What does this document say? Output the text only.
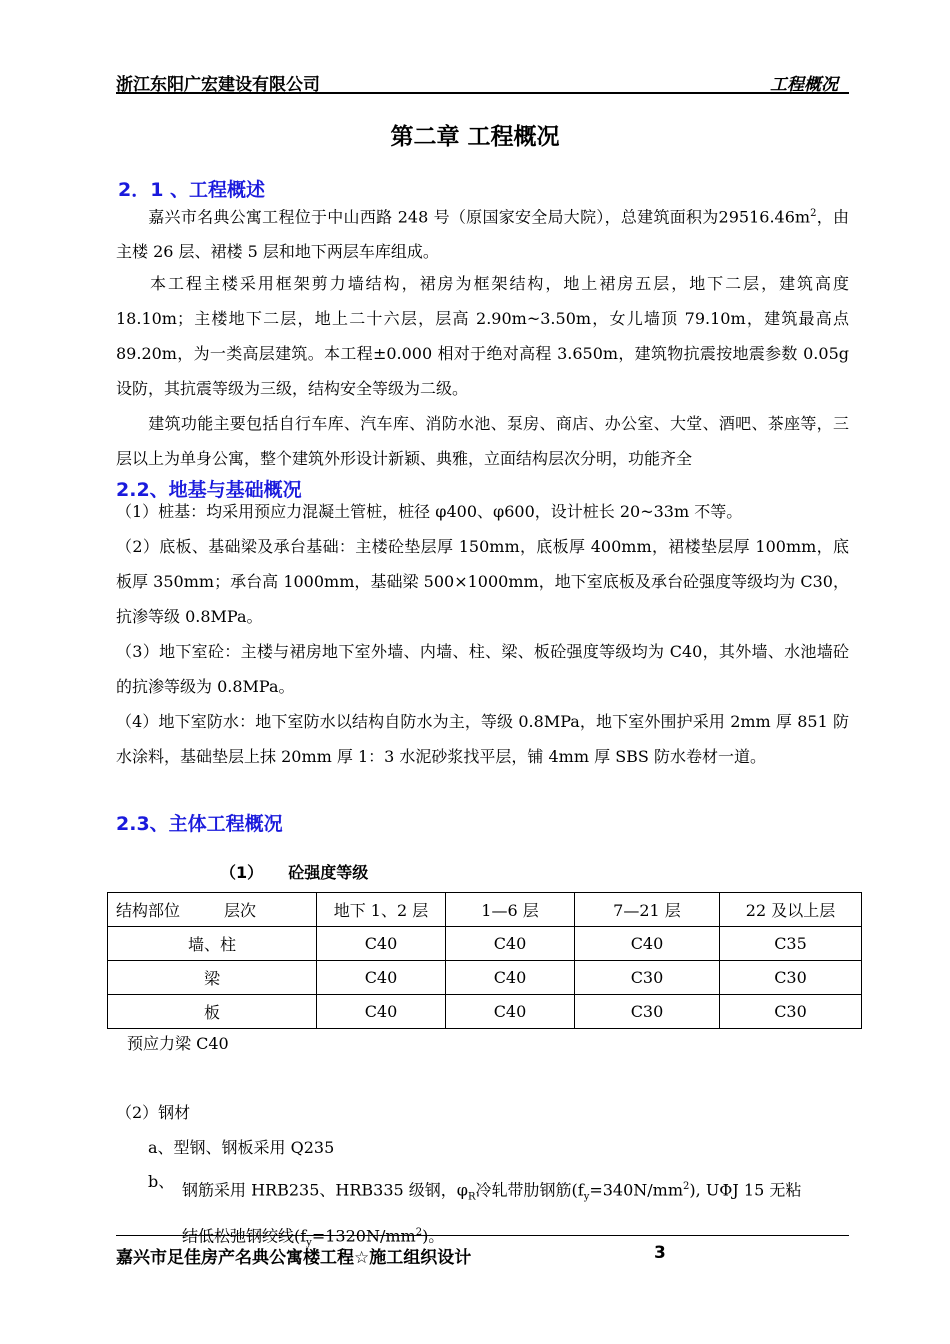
浙江东阳广宏建设有限公司	工程概况
第二章 工程概况
2．1 、工程概述
嘉兴市名典公寓工程位于中山西路 248 号（原国家安全局大院），总建筑面积为$29516.46m^2$，由主楼 26 层、裙楼 5 层和地下两层车库组成。
本工程主楼采用框架剪力墙结构，裙房为框架结构，地上裙房五层，地下二层，建筑高度 18.10m；主楼地下二层，地上二十六层，层高 2.90m~3.50m，女儿墙顶 79.10m，建筑最高点 89.20m，为一类高层建筑。本工程±0.000 相对于绝对高程 3.650m，建筑物抗震按地震参数 0.05g 设防，其抗震等级为三级，结构安全等级为二级。
建筑功能主要包括自行车库、汽车库、消防水池、泵房、商店、办公室、大堂、酒吧、茶座等，三层以上为单身公寓，整个建筑外形设计新颖、典雅，立面结构层次分明，功能齐全
2.2、地基与基础概况
（1）桩基：均采用预应力混凝土管桩，桩径 φ400、φ600，设计桩长 20~33m 不等。
（2）底板、基础梁及承台基础：主楼砼垫层厚 150mm，底板厚 400mm，裙楼垫层厚 100mm，底板厚 350mm；承台高 1000mm，基础梁 500×1000mm，地下室底板及承台砼强度等级均为 C30，抗渗等级 0.8MPa。
（3）地下室砼：主楼与裙房地下室外墙、内墙、柱、梁、板砼强度等级均为 C40，其外墙、水池墙砼的抗渗等级为 0.8MPa。
（4）地下室防水：地下室防水以结构自防水为主，等级 0.8MPa，地下室外围护采用 2mm 厚 851 防水涂料，基础垫层上抹 20mm 厚 1：3 水泥砂浆找平层，铺 4mm 厚 SBS 防水卷材一道。
2.3、主体工程概况
（1） 砼强度等级
结构部位 层次	地下 1、2 层	1—6 层	7—21 层	22 及以上层
墙、柱	C40	C40	C40	C35
梁	C40	C40	C30	C30
板	C40	C40	C30	C30
预应力梁 C40
（2）钢材
a、型钢、钢板采用 Q235
b、 钢筋采用 HRB235、HRB335 级钢，$\varphi_R$冷轧带肋钢筋$(f_y=340N/mm^2)$, UΦJ 15 无粘
结低松弛钢绞线$(f_y=1320N/mm^2)$。
嘉兴市足佳房产名典公寓楼工程☆施工组织设计	3
